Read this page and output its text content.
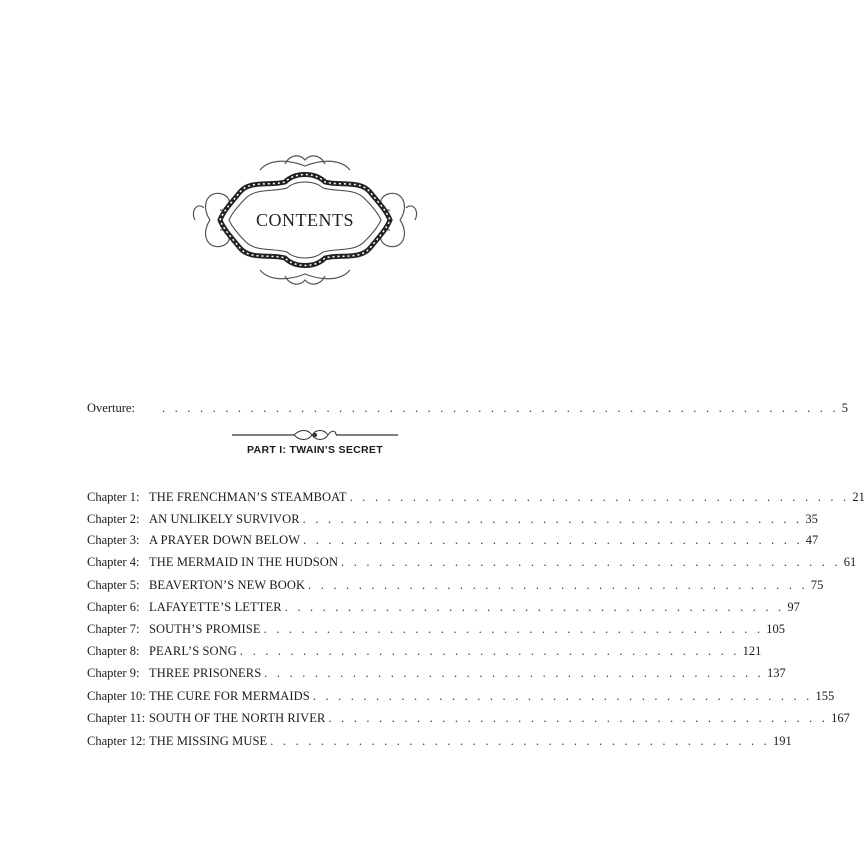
CONTENTS
Overture:	. . . . . . . . . . . . . . . . . . . . . . . . . . . . . . . . . . . . . . . . . . . . . . . . . . . . . . 5
PART I: TWAIN’S SECRET
Chapter 1: THE FRENCHMAN’S STEAMBOAT . . . . . . . . . . . . . . . . . . . . . . . . . . . . . . . . . . . . . . . . 21
Chapter 2: AN UNLIKELY SURVIVOR . . . . . . . . . . . . . . . . . . . . . . . . . . . . . . . . . . . . . . . . 35
Chapter 3: A PRAYER DOWN BELOW . . . . . . . . . . . . . . . . . . . . . . . . . . . . . . . . . . . . . . . . 47
Chapter 4: THE MERMAID IN THE HUDSON . . . . . . . . . . . . . . . . . . . . . . . . . . . . . . . . . . . . . . . . 61
Chapter 5: BEAVERTON’S NEW BOOK . . . . . . . . . . . . . . . . . . . . . . . . . . . . . . . . . . . . . . . . 75
Chapter 6: LAFAYETTE’S LETTER . . . . . . . . . . . . . . . . . . . . . . . . . . . . . . . . . . . . . . . . 97
Chapter 7: SOUTH’S PROMISE . . . . . . . . . . . . . . . . . . . . . . . . . . . . . . . . . . . . . . . . 105
Chapter 8: PEARL’S SONG . . . . . . . . . . . . . . . . . . . . . . . . . . . . . . . . . . . . . . . . 121
Chapter 9: THREE PRISONERS . . . . . . . . . . . . . . . . . . . . . . . . . . . . . . . . . . . . . . . . 137
Chapter 10: THE CURE FOR MERMAIDS . . . . . . . . . . . . . . . . . . . . . . . . . . . . . . . . . . . . . . . . 155
Chapter 11: SOUTH OF THE NORTH RIVER . . . . . . . . . . . . . . . . . . . . . . . . . . . . . . . . . . . . . . . . 167
Chapter 12: THE MISSING MUSE . . . . . . . . . . . . . . . . . . . . . . . . . . . . . . . . . . . . . . . . 191
